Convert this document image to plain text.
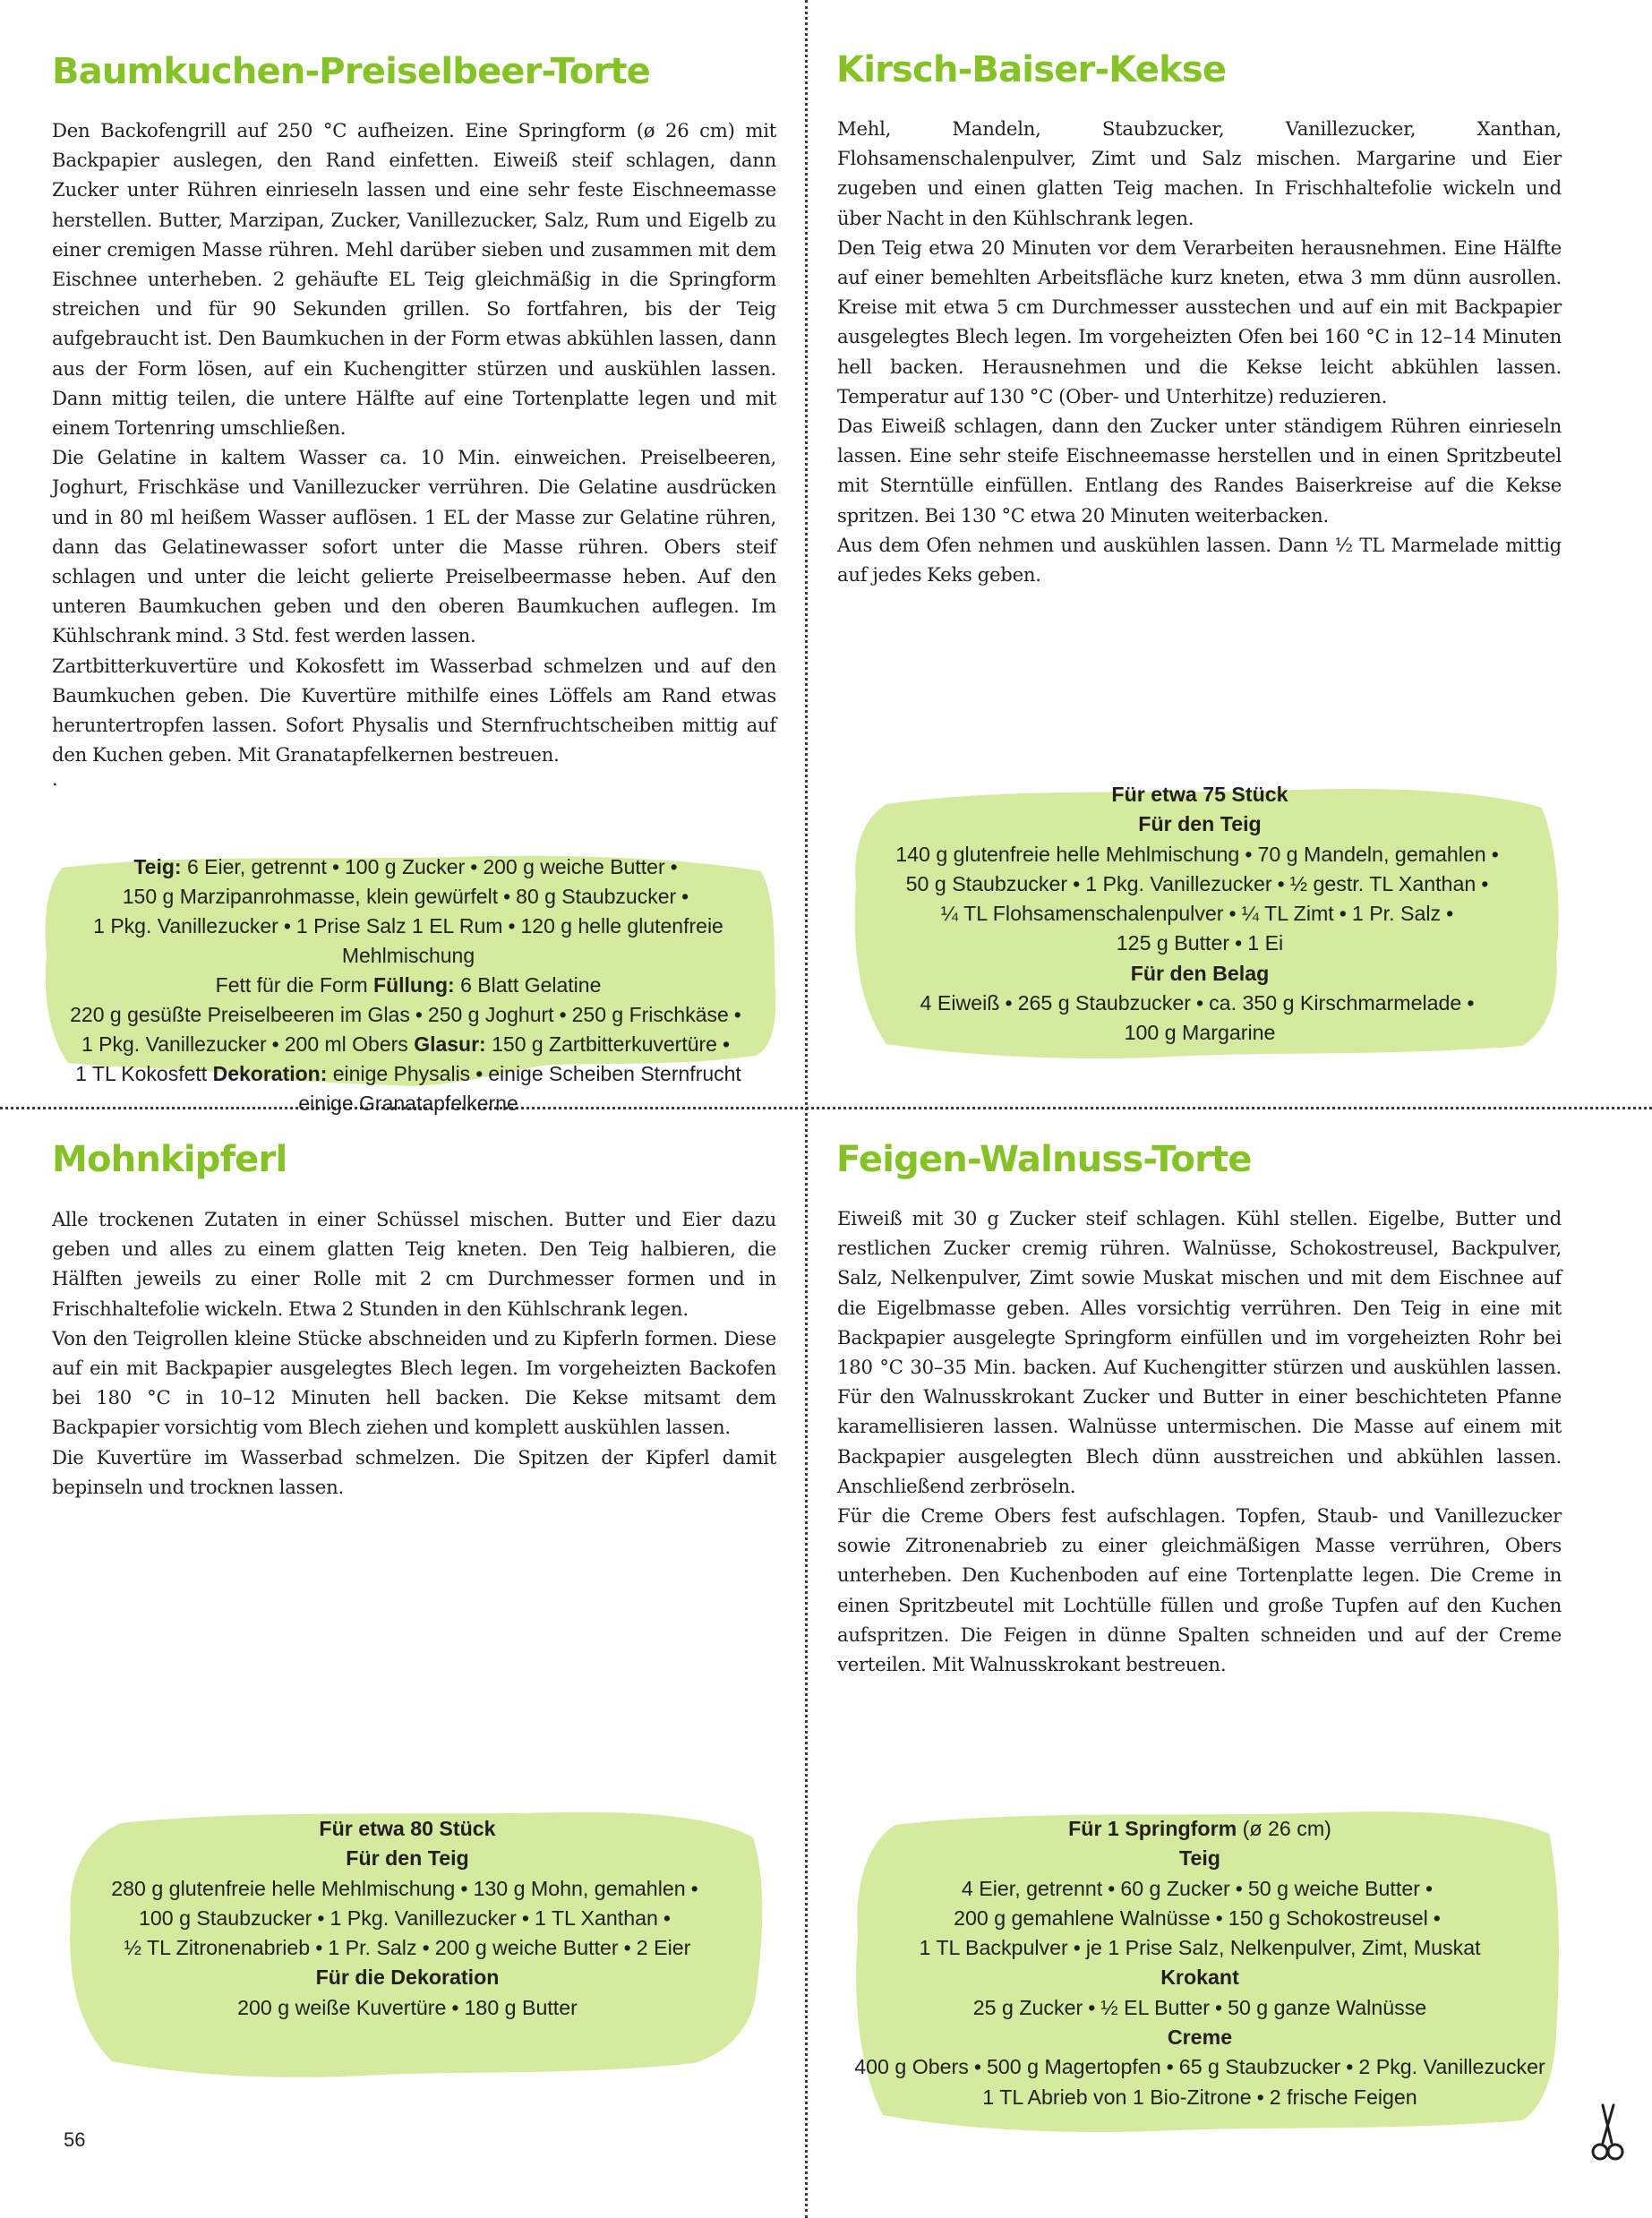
Baumkuchen-Preiselbeer-Torte

Den Backofengrill auf 250 °C aufheizen. Eine Springform (ø 26 cm) mit Backpapier auslegen, den Rand einfetten. Eiweiß steif schlagen, dann Zucker unter Rühren einrieseln lassen und eine sehr feste Eischneemasse herstellen. Butter, Marzipan, Zucker, Vanillezucker, Salz, Rum und Eigelb zu einer cremigen Masse rühren. Mehl darüber sieben und zusammen mit dem Eischnee unterheben. 2 gehäufte EL Teig gleichmäßig in die Springform streichen und für 90 Sekunden grillen. So fortfahren, bis der Teig aufgebraucht ist. Den Baumkuchen in der Form etwas abkühlen lassen, dann aus der Form lösen, auf ein Kuchengitter stürzen und auskühlen lassen. Dann mittig teilen, die untere Hälfte auf eine Tortenplatte legen und mit einem Tortenring umschließen.

Die Gelatine in kaltem Wasser ca. 10 Min. einweichen. Preiselbeeren, Joghurt, Frischkäse und Vanillezucker verrühren. Die Gelatine ausdrücken und in 80 ml heißem Wasser auflösen. 1 EL der Masse zur Gelatine rühren, dann das Gelatinewasser sofort unter die Masse rühren. Obers steif schlagen und unter die leicht gelierte Preiselbeermasse heben. Auf den unteren Baumkuchen geben und den oberen Baumkuchen auflegen. Im Kühlschrank mind. 3 Std. fest werden lassen.

Zartbitterkuvertüre und Kokosfett im Wasserbad schmelzen und auf den Baumkuchen geben. Die Kuvertüre mithilfe eines Löffels am Rand etwas heruntertropfen lassen. Sofort Physalis und Sternfruchtscheiben mittig auf den Kuchen geben. Mit Granatapfelkernen bestreuen.

.

Teig: 6 Eier, getrennt • 100 g Zucker • 200 g weiche Butter •
150 g Marzipanrohmasse, klein gewürfelt • 80 g Staubzucker •
1 Pkg. Vanillezucker • 1 Prise Salz 1 EL Rum • 120 g helle glutenfreie Mehlmischung
Fett für die Form Füllung: 6 Blatt Gelatine
220 g gesüßte Preiselbeeren im Glas • 250 g Joghurt • 250 g Frischkäse •
1 Pkg. Vanillezucker • 200 ml Obers Glasur: 150 g Zartbitterkuvertüre •
1 TL Kokosfett Dekoration: einige Physalis • einige Scheiben Sternfrucht
einige Granatapfelkerne
Kirsch-Baiser-Kekse

Mehl, Mandeln, Staubzucker, Vanillezucker, Xanthan, Flohsamenschalenpulver, Zimt und Salz mischen. Margarine und Eier zugeben und einen glatten Teig machen. In Frischhaltefolie wickeln und über Nacht in den Kühlschrank legen.

Den Teig etwa 20 Minuten vor dem Verarbeiten herausnehmen. Eine Hälfte auf einer bemehlten Arbeitsfläche kurz kneten, etwa 3 mm dünn ausrollen. Kreise mit etwa 5 cm Durchmesser ausstechen und auf ein mit Backpapier ausgelegtes Blech legen. Im vorgeheizten Ofen bei 160 °C in 12–14 Minuten hell backen. Herausnehmen und die Kekse leicht abkühlen lassen. Temperatur auf 130 °C (Ober- und Unterhitze) reduzieren.

Das Eiweiß schlagen, dann den Zucker unter ständigem Rühren einrieseln lassen. Eine sehr steife Eischneemasse herstellen und in einen Spritzbeutel mit Sterntülle einfüllen. Entlang des Randes Baiserkreise auf die Kekse spritzen. Bei 130 °C etwa 20 Minuten weiterbacken.

Aus dem Ofen nehmen und auskühlen lassen. Dann ½ TL Marmelade mittig auf jedes Keks geben.

Für etwa 75 Stück

Für den Teig

140 g glutenfreie helle Mehlmischung • 70 g Mandeln, gemahlen •
50 g Staubzucker • 1 Pkg. Vanillezucker • ½ gestr. TL Xanthan •
¼ TL Flohsamenschalenpulver • ¼ TL Zimt • 1 Pr. Salz •
125 g Butter • 1 Ei

Für den Belag

4 Eiweiß • 265 g Staubzucker • ca. 350 g Kirschmarmelade •
100 g Margarine

Mohnkipferl

Alle trockenen Zutaten in einer Schüssel mischen. Butter und Eier dazu geben und alles zu einem glatten Teig kneten. Den Teig halbieren, die Hälften jeweils zu einer Rolle mit 2 cm Durchmesser formen und in Frischhaltefolie wickeln. Etwa 2 Stunden in den Kühlschrank legen.

Von den Teigrollen kleine Stücke abschneiden und zu Kipferln formen. Diese auf ein mit Backpapier ausgelegtes Blech legen. Im vorgeheizten Backofen bei 180 °C in 10–12 Minuten hell backen. Die Kekse mitsamt dem Backpapier vorsichtig vom Blech ziehen und komplett auskühlen lassen.

Die Kuvertüre im Wasserbad schmelzen. Die Spitzen der Kipferl damit bepinseln und trocknen lassen.

Für etwa 80 Stück

Für den Teig

280 g glutenfreie helle Mehlmischung • 130 g Mohn, gemahlen •
100 g Staubzucker • 1 Pkg. Vanillezucker • 1 TL Xanthan •
½ TL Zitronenabrieb • 1 Pr. Salz • 200 g weiche Butter • 2 Eier

Für die Dekoration

200 g weiße Kuvertüre • 180 g Butter

Feigen-Walnuss-Torte

Eiweiß mit 30 g Zucker steif schlagen. Kühl stellen. Eigelbe, Butter und restlichen Zucker cremig rühren. Walnüsse, Schokostreusel, Backpulver, Salz, Nelkenpulver, Zimt sowie Muskat mischen und mit dem Eischnee auf die Eigelbmasse geben. Alles vorsichtig verrühren. Den Teig in eine mit Backpapier ausgelegte Springform einfüllen und im vorgeheizten Rohr bei 180 °C 30–35 Min. backen. Auf Kuchengitter stürzen und auskühlen lassen. Für den Walnusskrokant Zucker und Butter in einer beschichteten Pfanne karamellisieren lassen. Walnüsse untermischen. Die Masse auf einem mit Backpapier ausgelegten Blech dünn ausstreichen und abkühlen lassen. Anschließend zerbröseln.

Für die Creme Obers fest aufschlagen. Topfen, Staub- und Vanillezucker sowie Zitronenabrieb zu einer gleichmäßigen Masse verrühren, Obers unterheben. Den Kuchenboden auf eine Tortenplatte legen. Die Creme in einen Spritzbeutel mit Lochtülle füllen und große Tupfen auf den Kuchen aufspritzen. Die Feigen in dünne Spalten schneiden und auf der Creme verteilen. Mit Walnusskrokant bestreuen.

Für 1 Springform (ø 26 cm)

Teig

4 Eier, getrennt • 60 g Zucker • 50 g weiche Butter •
200 g gemahlene Walnüsse • 150 g Schokostreusel •
1 TL Backpulver • je 1 Prise Salz, Nelkenpulver, Zimt, Muskat

Krokant

25 g Zucker • ½ EL Butter • 50 g ganze Walnüsse

Creme

400 g Obers • 500 g Magertopfen • 65 g Staubzucker • 2 Pkg. Vanillezucker
1 TL Abrieb von 1 Bio-Zitrone • 2 frische Feigen

56
